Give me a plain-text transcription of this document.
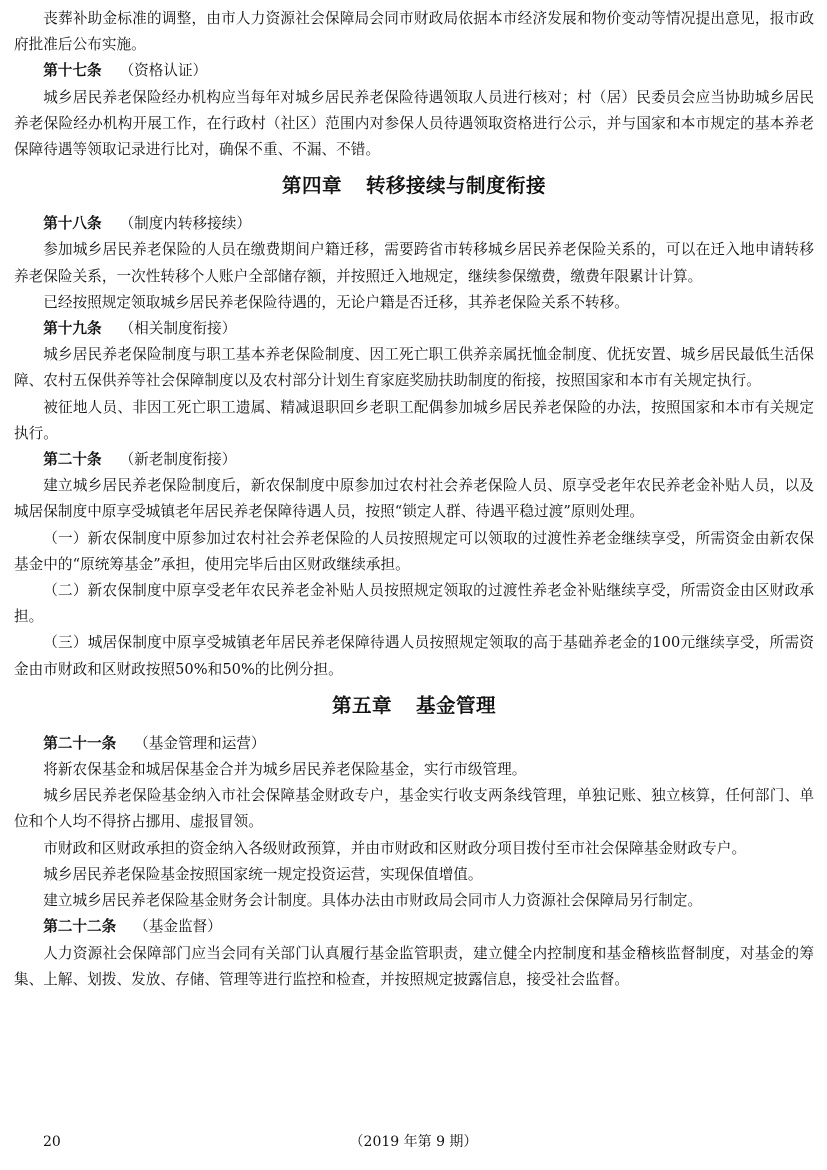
丧葬补助金标准的调整，由市人力资源社会保障局会同市财政局依据本市经济发展和物价变动等情况提出意见，报市政府批准后公布实施。

第十七条 （资格认证）

城乡居民养老保险经办机构应当每年对城乡居民养老保险待遇领取人员进行核对；村（居）民委员会应当协助城乡居民养老保险经办机构开展工作，在行政村（社区）范围内对参保人员待遇领取资格进行公示，并与国家和本市规定的基本养老保障待遇等领取记录进行比对，确保不重、不漏、不错。

第四章 转移接续与制度衔接
第十八条 （制度内转移接续）

参加城乡居民养老保险的人员在缴费期间户籍迁移，需要跨省市转移城乡居民养老保险关系的，可以在迁入地申请转移养老保险关系，一次性转移个人账户全部储存额，并按照迁入地规定，继续参保缴费，缴费年限累计计算。

已经按照规定领取城乡居民养老保险待遇的，无论户籍是否迁移，其养老保险关系不转移。

第十九条 （相关制度衔接）

城乡居民养老保险制度与职工基本养老保险制度、因工死亡职工供养亲属抚恤金制度、优抚安置、城乡居民最低生活保障、农村五保供养等社会保障制度以及农村部分计划生育家庭奖励扶助制度的衔接，按照国家和本市有关规定执行。

被征地人员、非因工死亡职工遗属、精减退职回乡老职工配偶参加城乡居民养老保险的办法，按照国家和本市有关规定执行。

第二十条 （新老制度衔接）

建立城乡居民养老保险制度后，新农保制度中原参加过农村社会养老保险人员、原享受老年农民养老金补贴人员，以及城居保制度中原享受城镇老年居民养老保障待遇人员，按照“锁定人群、待遇平稳过渡”原则处理。

（一）新农保制度中原参加过农村社会养老保险的人员按照规定可以领取的过渡性养老金继续享受，所需资金由新农保基金中的“原统筹基金”承担，使用完毕后由区财政继续承担。

（二）新农保制度中原享受老年农民养老金补贴人员按照规定领取的过渡性养老金补贴继续享受，所需资金由区财政承担。

（三）城居保制度中原享受城镇老年居民养老保障待遇人员按照规定领取的高于基础养老金的100元继续享受，所需资金由市财政和区财政按照50%和50%的比例分担。

第五章 基金管理
第二十一条 （基金管理和运营）

将新农保基金和城居保基金合并为城乡居民养老保险基金，实行市级管理。

城乡居民养老保险基金纳入市社会保障基金财政专户，基金实行收支两条线管理，单独记账、独立核算，任何部门、单位和个人均不得挤占挪用、虚报冒领。

市财政和区财政承担的资金纳入各级财政预算，并由市财政和区财政分项目拨付至市社会保障基金财政专户。

城乡居民养老保险基金按照国家统一规定投资运营，实现保值增值。

建立城乡居民养老保险基金财务会计制度。具体办法由市财政局会同市人力资源社会保障局另行制定。

第二十二条 （基金监督）

人力资源社会保障部门应当会同有关部门认真履行基金监管职责，建立健全内控制度和基金稽核监督制度，对基金的筹集、上解、划拨、发放、存储、管理等进行监控和检查，并按照规定披露信息，接受社会监督。

20	（2019 年第 9 期）
